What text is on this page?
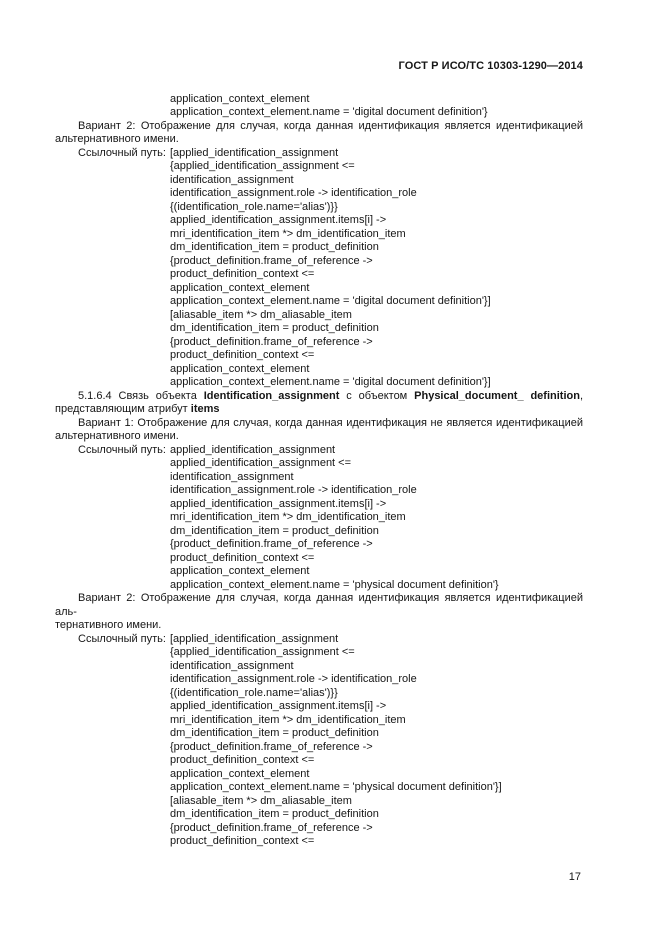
ГОСТ Р ИСО/ТС 10303-1290—2014
application_context_element
application_context_element.name = 'digital document definition'}
Вариант 2: Отображение для случая, когда данная идентификация является идентификацией
альтернативного имени.
Ссылочный путь: [applied_identification_assignment
{applied_identification_assignment <=
identification_assignment
identification_assignment.role -> identification_role
{(identification_role.name='alias')}}
applied_identification_assignment.items[i] ->
mri_identification_item *> dm_identification_item
dm_identification_item = product_definition
{product_definition.frame_of_reference ->
product_definition_context <=
application_context_element
application_context_element.name = 'digital document definition'}]
[aliasable_item *> dm_aliasable_item
dm_identification_item = product_definition
{product_definition.frame_of_reference ->
product_definition_context <=
application_context_element
application_context_element.name = 'digital document definition'}]
5.1.6.4 Связь объекта Identification_assignment с объектом Physical_document_ definition,
представляющим атрибут items
Вариант 1: Отображение для случая, когда данная идентификация не является идентификацией
альтернативного имени.
Ссылочный путь: applied_identification_assignment
applied_identification_assignment <=
identification_assignment
identification_assignment.role -> identification_role
applied_identification_assignment.items[i] ->
mri_identification_item *> dm_identification_item
dm_identification_item = product_definition
{product_definition.frame_of_reference ->
product_definition_context <=
application_context_element
application_context_element.name = 'physical document definition'}
Вариант 2: Отображение для случая, когда данная идентификация является идентификацией аль-
тернативного имени.
Ссылочный путь: [applied_identification_assignment
{applied_identification_assignment <=
identification_assignment
identification_assignment.role -> identification_role
{(identification_role.name='alias')}}
applied_identification_assignment.items[i] ->
mri_identification_item *> dm_identification_item
dm_identification_item = product_definition
{product_definition.frame_of_reference ->
product_definition_context <=
application_context_element
application_context_element.name = 'physical document definition'}]
[aliasable_item *> dm_aliasable_item
dm_identification_item = product_definition
{product_definition.frame_of_reference ->
product_definition_context <=
17
